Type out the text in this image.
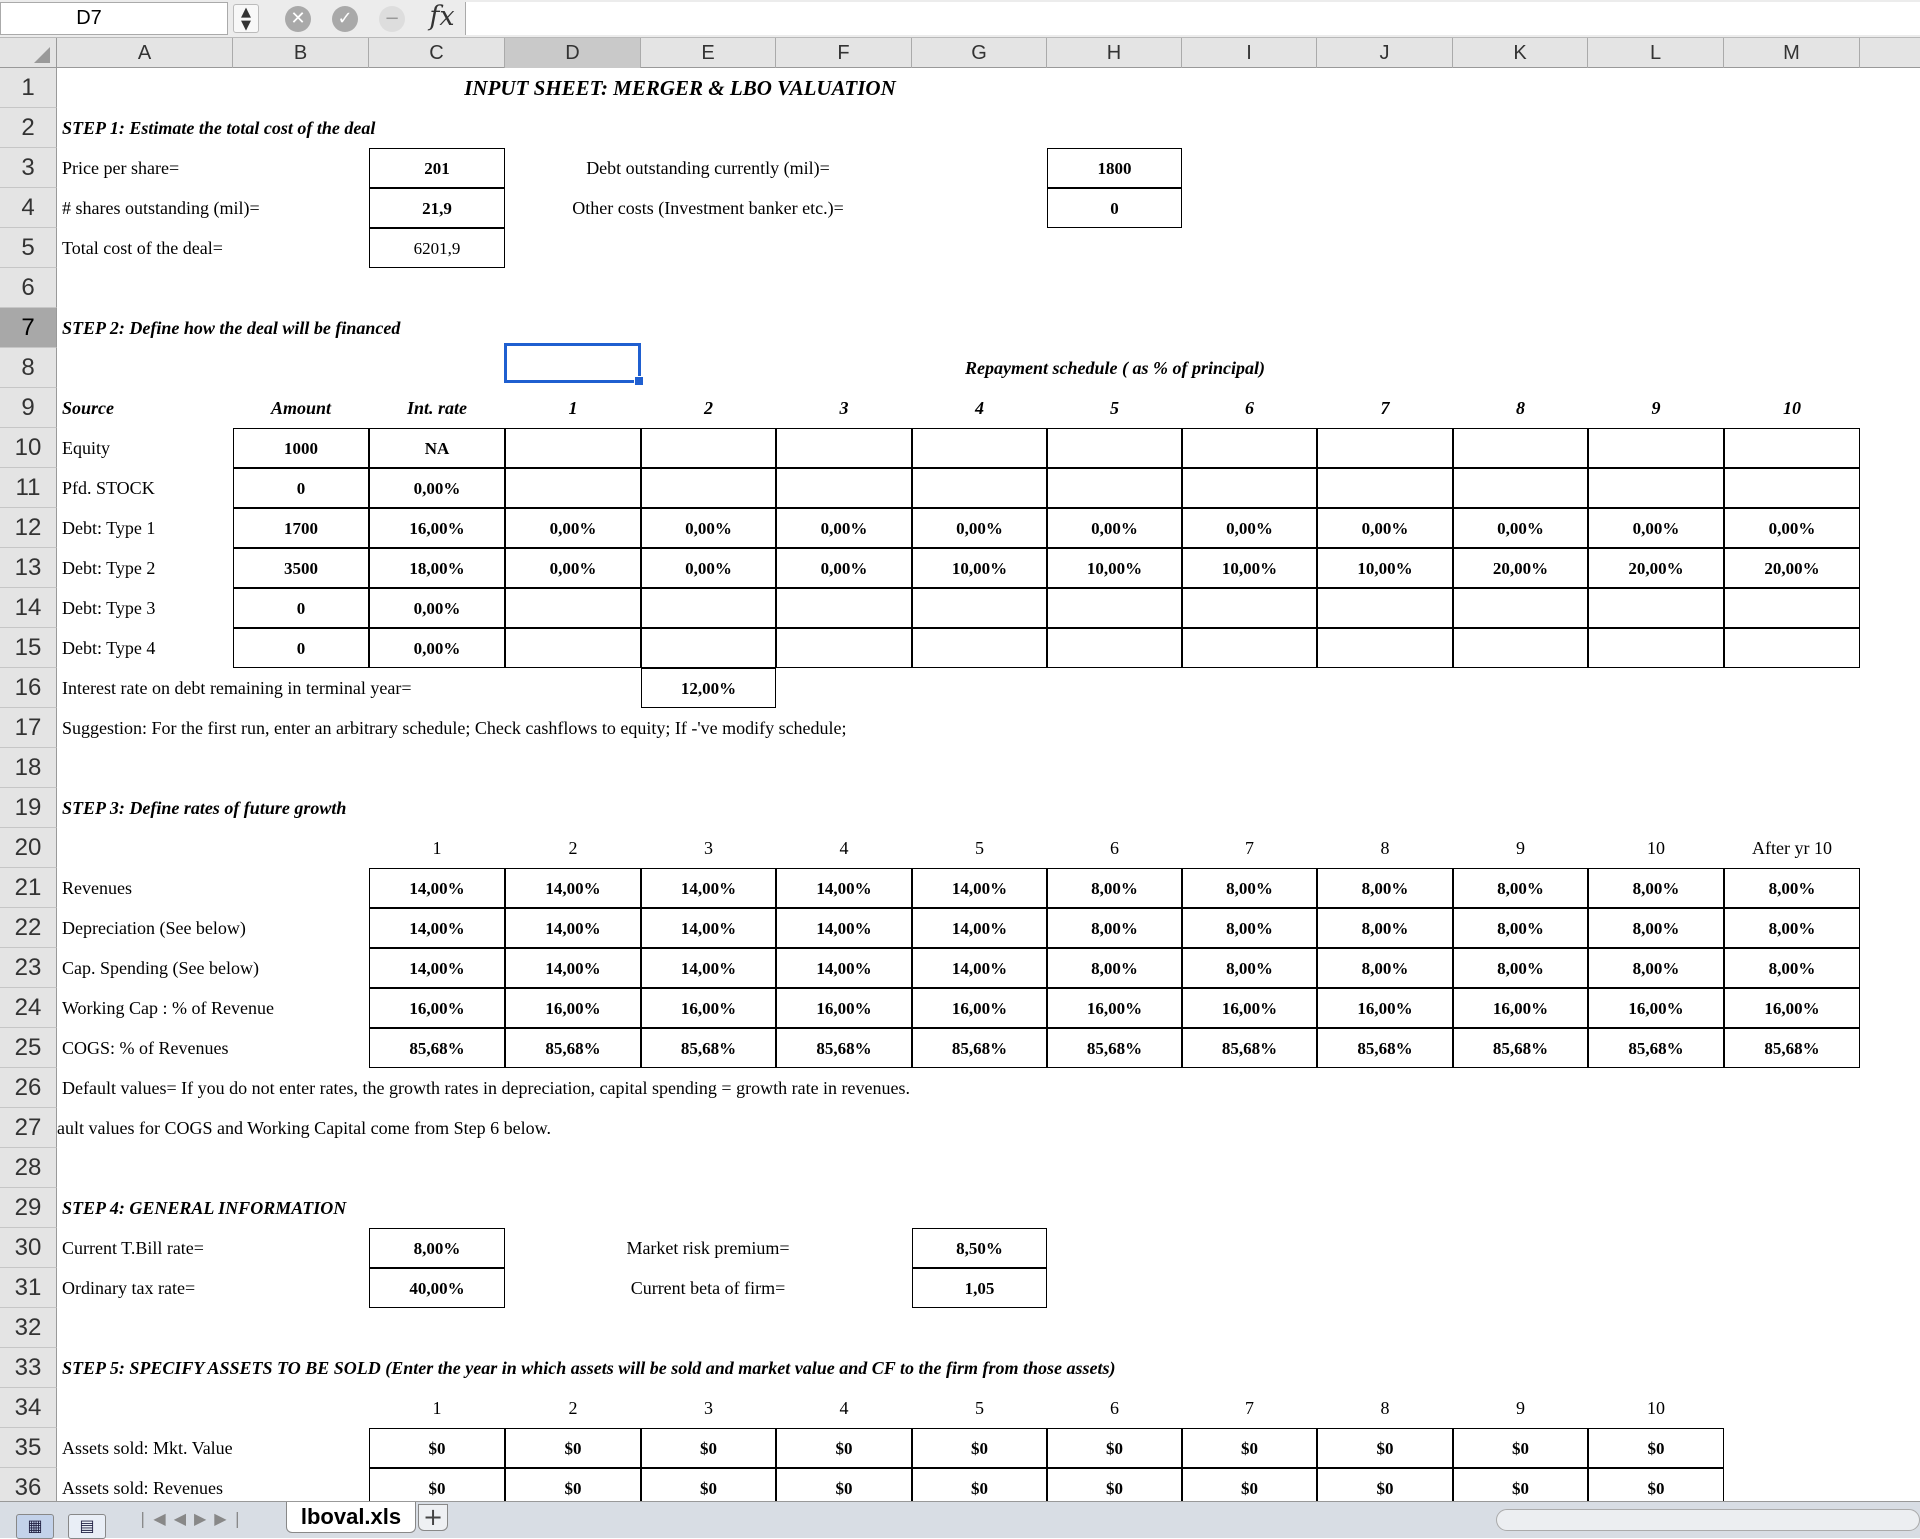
D7	▲
▼	✕	✓	− fx
A	B	C	D	E	F	G	H	I	J	K	L	M
1
2
3
4
5
6
7
8
9
10
11
12
13
14
15
16
17
18
19
20
21
22
23
24
25
26
27
28
29
30
31
32
33
34
35
36
INPUT SHEET: MERGER & LBO VALUATION
STEP 1: Estimate the total cost of the deal
Price per share=	201
# shares outstanding (mil)=	21,9
Total cost of the deal=	6201,9
Debt outstanding currently (mil)=	1800
Other costs (Investment banker etc.)=	0
STEP 2: Define how the deal will be financed
Repayment schedule ( as % of principal)
Source	Amount	Int. rate	1	2	3	4	5	6	7	8	9	10
Equity	1000	NA
Pfd. STOCK	0	0,00%
Debt: Type 1	1700	16,00%	0,00%	0,00%	0,00%	0,00%	0,00%	0,00%	0,00%	0,00%	0,00%	0,00%
Debt: Type 2	3500	18,00%	0,00%	0,00%	0,00%	10,00%	10,00%	10,00%	10,00%	20,00%	20,00%	20,00%
Debt: Type 3	0	0,00%
Debt: Type 4	0	0,00%
Interest rate on debt remaining in terminal year=	12,00%
Suggestion: For the first run, enter an arbitrary schedule; Check cashflows to equity; If -'ve modify schedule;
STEP 3: Define rates of future growth
1	2	3	4	5	6	7	8	9	10	After yr 10
Revenues	14,00%	14,00%	14,00%	14,00%	14,00%	8,00%	8,00%	8,00%	8,00%	8,00%	8,00%
Depreciation (See below)	14,00%	14,00%	14,00%	14,00%	14,00%	8,00%	8,00%	8,00%	8,00%	8,00%	8,00%
Cap. Spending (See below)	14,00%	14,00%	14,00%	14,00%	14,00%	8,00%	8,00%	8,00%	8,00%	8,00%	8,00%
Working Cap : % of Revenue	16,00%	16,00%	16,00%	16,00%	16,00%	16,00%	16,00%	16,00%	16,00%	16,00%	16,00%
COGS: % of Revenues	85,68%	85,68%	85,68%	85,68%	85,68%	85,68%	85,68%	85,68%	85,68%	85,68%	85,68%
Default values= If you do not enter rates, the growth rates in depreciation, capital spending = growth rate in revenues.
ault values for COGS and Working Capital come from Step 6 below.
STEP 4: GENERAL INFORMATION
Current T.Bill rate=	8,00%
Ordinary tax rate=	40,00%
Market risk premium=	8,50%
Current beta of firm=	1,05
STEP 5: SPECIFY ASSETS TO BE SOLD (Enter the year in which assets will be sold and market value and CF to the firm from those assets)
1	2	3	4	5	6	7	8	9	10
Assets sold: Mkt. Value	$0	$0	$0	$0	$0	$0	$0	$0	$0	$0
Assets sold: Revenues	$0	$0	$0	$0	$0	$0	$0	$0	$0	$0
▦	▤	|◀◀▶▶|	lboval.xls +
